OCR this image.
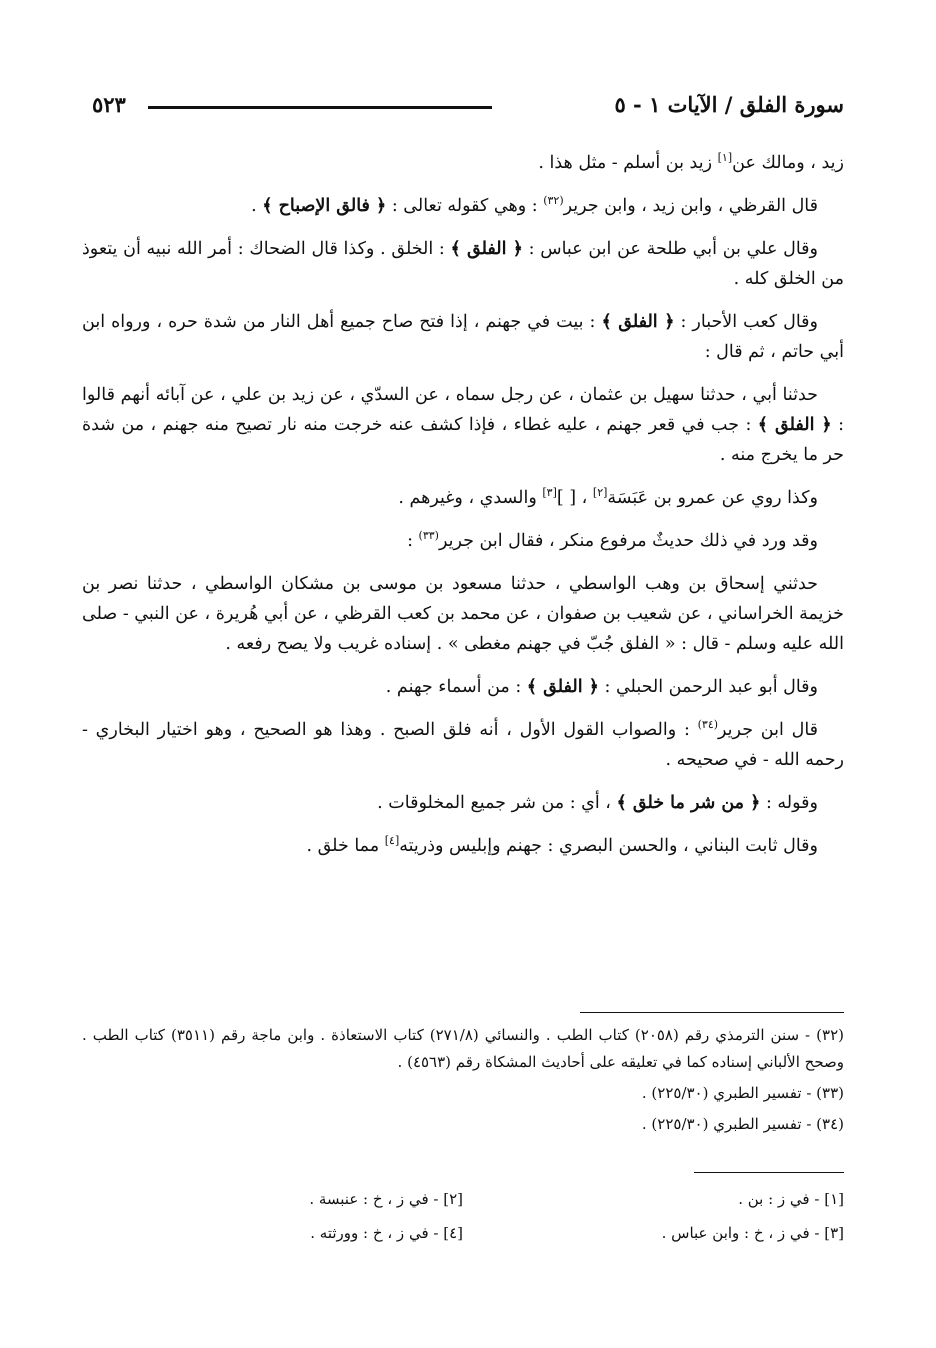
سورة الفلق / الآيات ١ - ٥
٥٢٣

زيد ، ومالك عن[١] زيد بن أسلم - مثل هذا .

قال القرظي ، وابن زيد ، وابن جرير$^{(٣٢)}$ : وهي كقوله تعالى : ﴿ فالق الإصباح ﴾ .

وقال علي بن أبي طلحة عن ابن عباس : ﴿ الفلق ﴾ : الخلق . وكذا قال الضحاك : أمر الله نبيه أن يتعوذ من الخلق كله .

وقال كعب الأحبار : ﴿ الفلق ﴾ : بيت في جهنم ، إذا فتح صاح جميع أهل النار من شدة حره ، ورواه ابن أبي حاتم ، ثم قال :

حدثنا أبي ، حدثنا سهيل بن عثمان ، عن رجل سماه ، عن السدّي ، عن زيد بن علي ، عن آبائه أنهم قالوا : ﴿ الفلق ﴾ : جب في قعر جهنم ، عليه غطاء ، فإذا كشف عنه خرجت منه نار تصيح منه جهنم ، من شدة حر ما يخرج منه .

وكذا روي عن عمرو بن عَبَسَة[٢] ، [ ][٣] والسدي ، وغيرهم .

وقد ورد في ذلك حديثٌ مرفوع منكر ، فقال ابن جرير$^{(٣٣)}$ :

حدثني إسحاق بن وهب الواسطي ، حدثنا مسعود بن موسى بن مشكان الواسطي ، حدثنا نصر بن خزيمة الخراساني ، عن شعيب بن صفوان ، عن محمد بن كعب القرظي ، عن أبي هُريرة ، عن النبي - صلى الله عليه وسلم - قال : « الفلق جُبّ في جهنم مغطى » . إسناده غريب ولا يصح رفعه .

وقال أبو عبد الرحمن الحبلي : ﴿ الفلق ﴾ : من أسماء جهنم .

قال ابن جرير$^{(٣٤)}$ : والصواب القول الأول ، أنه فلق الصبح . وهذا هو الصحيح ، وهو اختيار البخاري - رحمه الله - في صحيحه .

وقوله : ﴿ من شر ما خلق ﴾ ، أي : من شر جميع المخلوقات .

وقال ثابت البناني ، والحسن البصري : جهنم وإبليس وذريته[٤] مما خلق .

(٣٢) - سنن الترمذي رقم (٢٠٥٨) كتاب الطب . والنسائي (٢٧١/٨) كتاب الاستعاذة . وابن ماجة رقم (٣٥١١) كتاب الطب . وصحح الألباني إسناده كما في تعليقه على أحاديث المشكاة رقم (٤٥٦٣) .

(٣٣) - تفسير الطبري (٢٢٥/٣٠) .

(٣٤) - تفسير الطبري (٢٢٥/٣٠) .

[١] - في ز : بن .
[٢] - في ز ، خ : عنبسة .
[٣] - في ز ، خ : وابن عباس .
[٤] - في ز ، خ : وورثته .
